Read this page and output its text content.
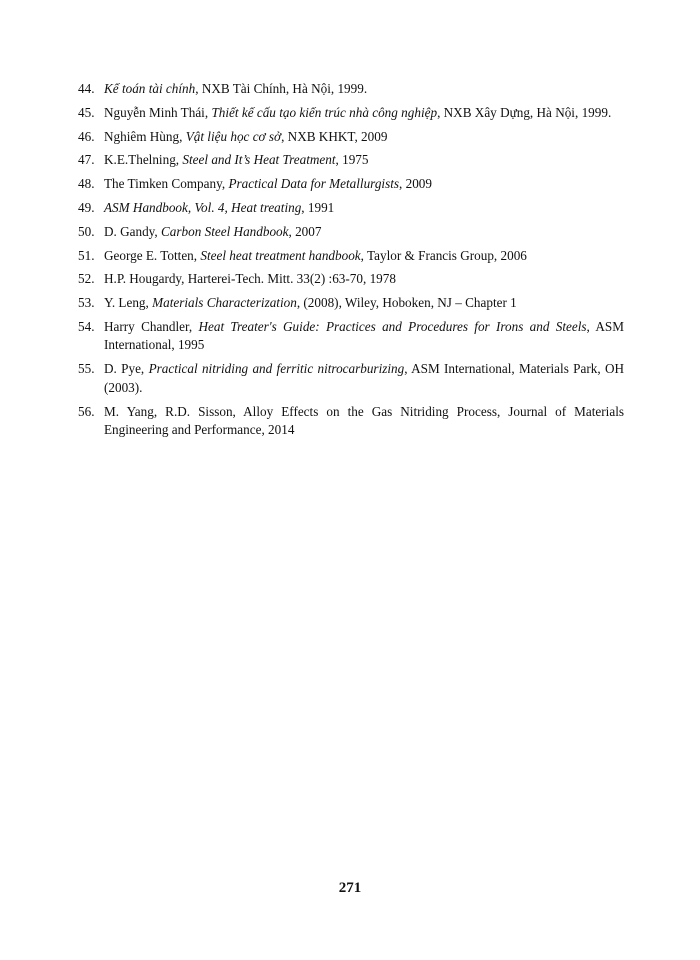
44. Kế toán tài chính, NXB Tài Chính, Hà Nội, 1999.
45. Nguyễn Minh Thái, Thiết kế cấu tạo kiến trúc nhà công nghiệp, NXB Xây Dựng, Hà Nội, 1999.
46. Nghiêm Hùng, Vật liệu học cơ sở, NXB KHKT, 2009
47. K.E.Thelning, Steel and It’s Heat Treatment, 1975
48. The Timken Company, Practical Data for Metallurgists, 2009
49. ASM Handbook, Vol. 4, Heat treating, 1991
50. D. Gandy, Carbon Steel Handbook, 2007
51. George E. Totten, Steel heat treatment handbook, Taylor & Francis Group, 2006
52. H.P. Hougardy, Harterei-Tech. Mitt. 33(2) :63-70, 1978
53. Y. Leng, Materials Characterization, (2008), Wiley, Hoboken, NJ – Chapter 1
54. Harry Chandler, Heat Treater's Guide: Practices and Procedures for Irons and Steels, ASM International, 1995
55. D. Pye, Practical nitriding and ferritic nitrocarburizing, ASM International, Materials Park, OH (2003).
56. M. Yang, R.D. Sisson, Alloy Effects on the Gas Nitriding Process, Journal of Materials Engineering and Performance, 2014
271
